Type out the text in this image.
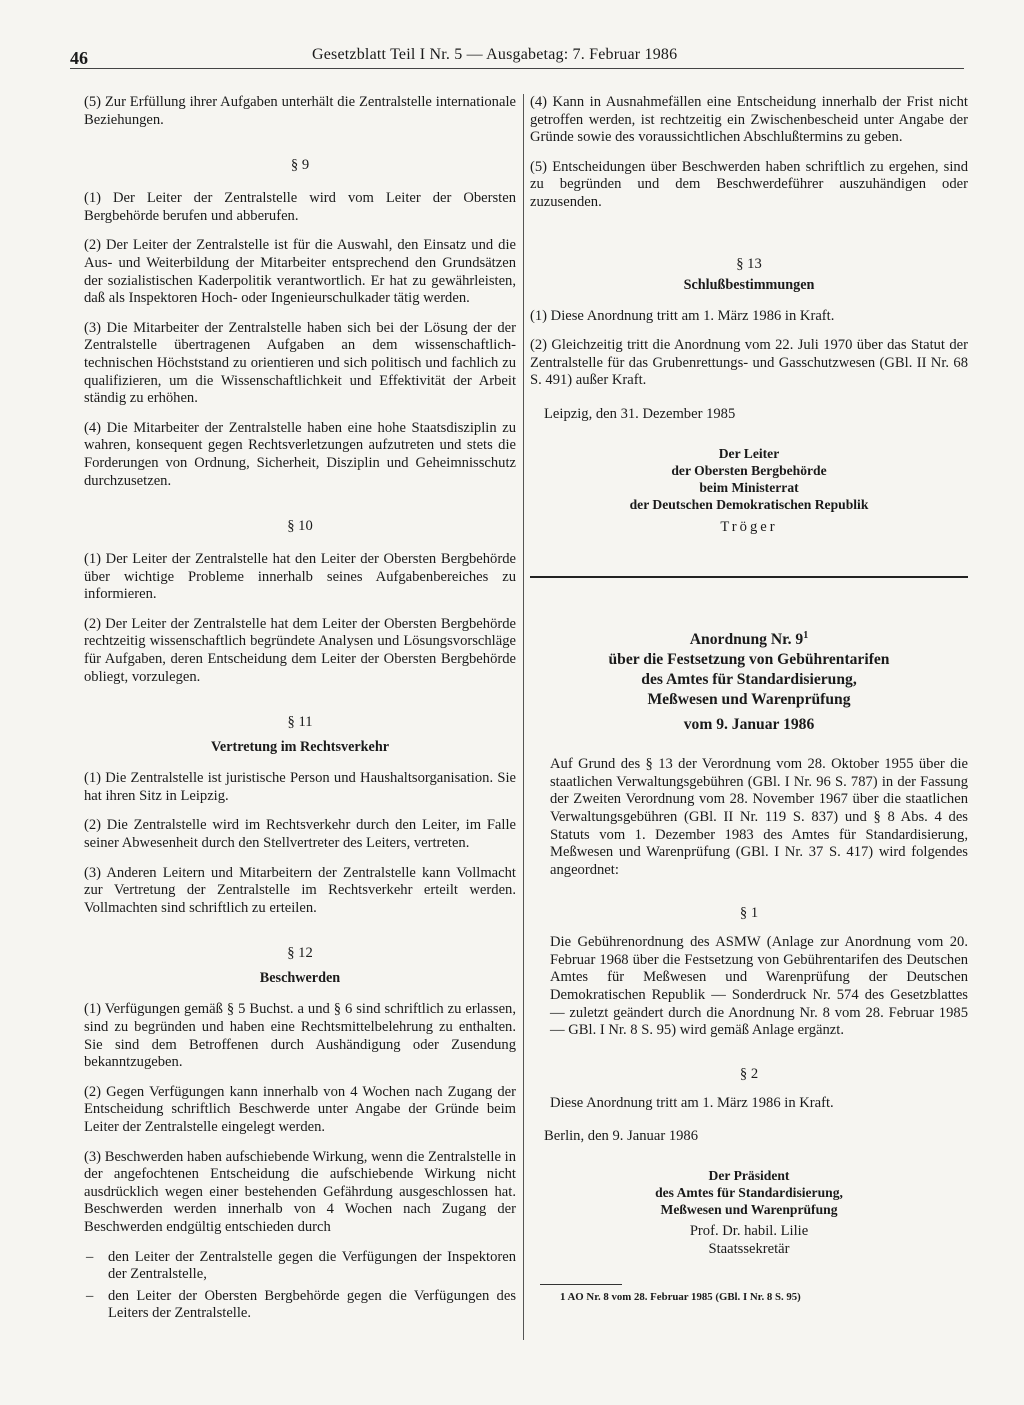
46	Gesetzblatt Teil I Nr. 5 — Ausgabetag: 7. Februar 1986

(5) Zur Erfüllung ihrer Aufgaben unterhält die Zentralstelle internationale Beziehungen.

§ 9

(1) Der Leiter der Zentralstelle wird vom Leiter der Obersten Bergbehörde berufen und abberufen.

(2) Der Leiter der Zentralstelle ist für die Auswahl, den Einsatz und die Aus- und Weiterbildung der Mitarbeiter entsprechend den Grundsätzen der sozialistischen Kaderpolitik verantwortlich. Er hat zu gewährleisten, daß als Inspektoren Hoch- oder Ingenieurschulkader tätig werden.

(3) Die Mitarbeiter der Zentralstelle haben sich bei der Lösung der der Zentralstelle übertragenen Aufgaben an dem wissenschaftlich-technischen Höchststand zu orientieren und sich politisch und fachlich zu qualifizieren, um die Wissenschaftlichkeit und Effektivität der Arbeit ständig zu erhöhen.

(4) Die Mitarbeiter der Zentralstelle haben eine hohe Staatsdisziplin zu wahren, konsequent gegen Rechtsverletzungen aufzutreten und stets die Forderungen von Ordnung, Sicherheit, Disziplin und Geheimnisschutz durchzusetzen.

§ 10

(1) Der Leiter der Zentralstelle hat den Leiter der Obersten Bergbehörde über wichtige Probleme innerhalb seines Aufgabenbereiches zu informieren.

(2) Der Leiter der Zentralstelle hat dem Leiter der Obersten Bergbehörde rechtzeitig wissenschaftlich begründete Analysen und Lösungsvorschläge für Aufgaben, deren Entscheidung dem Leiter der Obersten Bergbehörde obliegt, vorzulegen.

§ 11
Vertretung im Rechtsverkehr

(1) Die Zentralstelle ist juristische Person und Haushaltsorganisation. Sie hat ihren Sitz in Leipzig.

(2) Die Zentralstelle wird im Rechtsverkehr durch den Leiter, im Falle seiner Abwesenheit durch den Stellvertreter des Leiters, vertreten.

(3) Anderen Leitern und Mitarbeitern der Zentralstelle kann Vollmacht zur Vertretung der Zentralstelle im Rechtsverkehr erteilt werden. Vollmachten sind schriftlich zu erteilen.

§ 12
Beschwerden

(1) Verfügungen gemäß § 5 Buchst. a und § 6 sind schriftlich zu erlassen, sind zu begründen und haben eine Rechtsmittelbelehrung zu enthalten. Sie sind dem Betroffenen durch Aushändigung oder Zusendung bekanntzugeben.

(2) Gegen Verfügungen kann innerhalb von 4 Wochen nach Zugang der Entscheidung schriftlich Beschwerde unter Angabe der Gründe beim Leiter der Zentralstelle eingelegt werden.

(3) Beschwerden haben aufschiebende Wirkung, wenn die Zentralstelle in der angefochtenen Entscheidung die aufschiebende Wirkung nicht ausdrücklich wegen einer bestehenden Gefährdung ausgeschlossen hat. Beschwerden werden innerhalb von 4 Wochen nach Zugang der Beschwerden endgültig entschieden durch

– den Leiter der Zentralstelle gegen die Verfügungen der Inspektoren der Zentralstelle,
– den Leiter der Obersten Bergbehörde gegen die Verfügungen des Leiters der Zentralstelle.

(4) Kann in Ausnahmefällen eine Entscheidung innerhalb der Frist nicht getroffen werden, ist rechtzeitig ein Zwischenbescheid unter Angabe der Gründe sowie des voraussichtlichen Abschlußtermins zu geben.

(5) Entscheidungen über Beschwerden haben schriftlich zu ergehen, sind zu begründen und dem Beschwerdeführer auszuhändigen oder zuzusenden.

§ 13
Schlußbestimmungen

(1) Diese Anordnung tritt am 1. März 1986 in Kraft.

(2) Gleichzeitig tritt die Anordnung vom 22. Juli 1970 über das Statut der Zentralstelle für das Grubenrettungs- und Gasschutzwesen (GBl. II Nr. 68 S. 491) außer Kraft.

Leipzig, den 31. Dezember 1985
Der Leiter
der Obersten Bergbehörde
beim Ministerrat
der Deutschen Demokratischen Republik
Tröger
Anordnung Nr. $9^1$
über die Festsetzung von Gebührentarifen
des Amtes für Standardisierung,
Meßwesen und Warenprüfung
vom 9. Januar 1986

Auf Grund des § 13 der Verordnung vom 28. Oktober 1955 über die staatlichen Verwaltungsgebühren (GBl. I Nr. 96 S. 787) in der Fassung der Zweiten Verordnung vom 28. November 1967 über die staatlichen Verwaltungsgebühren (GBl. II Nr. 119 S. 837) und § 8 Abs. 4 des Statuts vom 1. Dezember 1983 des Amtes für Standardisierung, Meßwesen und Warenprüfung (GBl. I Nr. 37 S. 417) wird folgendes angeordnet:

§ 1

Die Gebührenordnung des ASMW (Anlage zur Anordnung vom 20. Februar 1968 über die Festsetzung von Gebührentarifen des Deutschen Amtes für Meßwesen und Warenprüfung der Deutschen Demokratischen Republik — Sonderdruck Nr. 574 des Gesetzblattes — zuletzt geändert durch die Anordnung Nr. 8 vom 28. Februar 1985 — GBl. I Nr. 8 S. 95) wird gemäß Anlage ergänzt.

§ 2

Diese Anordnung tritt am 1. März 1986 in Kraft.

Berlin, den 9. Januar 1986
Der Präsident
des Amtes für Standardisierung,
Meßwesen und Warenprüfung
Prof. Dr. habil. Lilie
Staatssekretär
1 AO Nr. 8 vom 28. Februar 1985 (GBl. I Nr. 8 S. 95)
